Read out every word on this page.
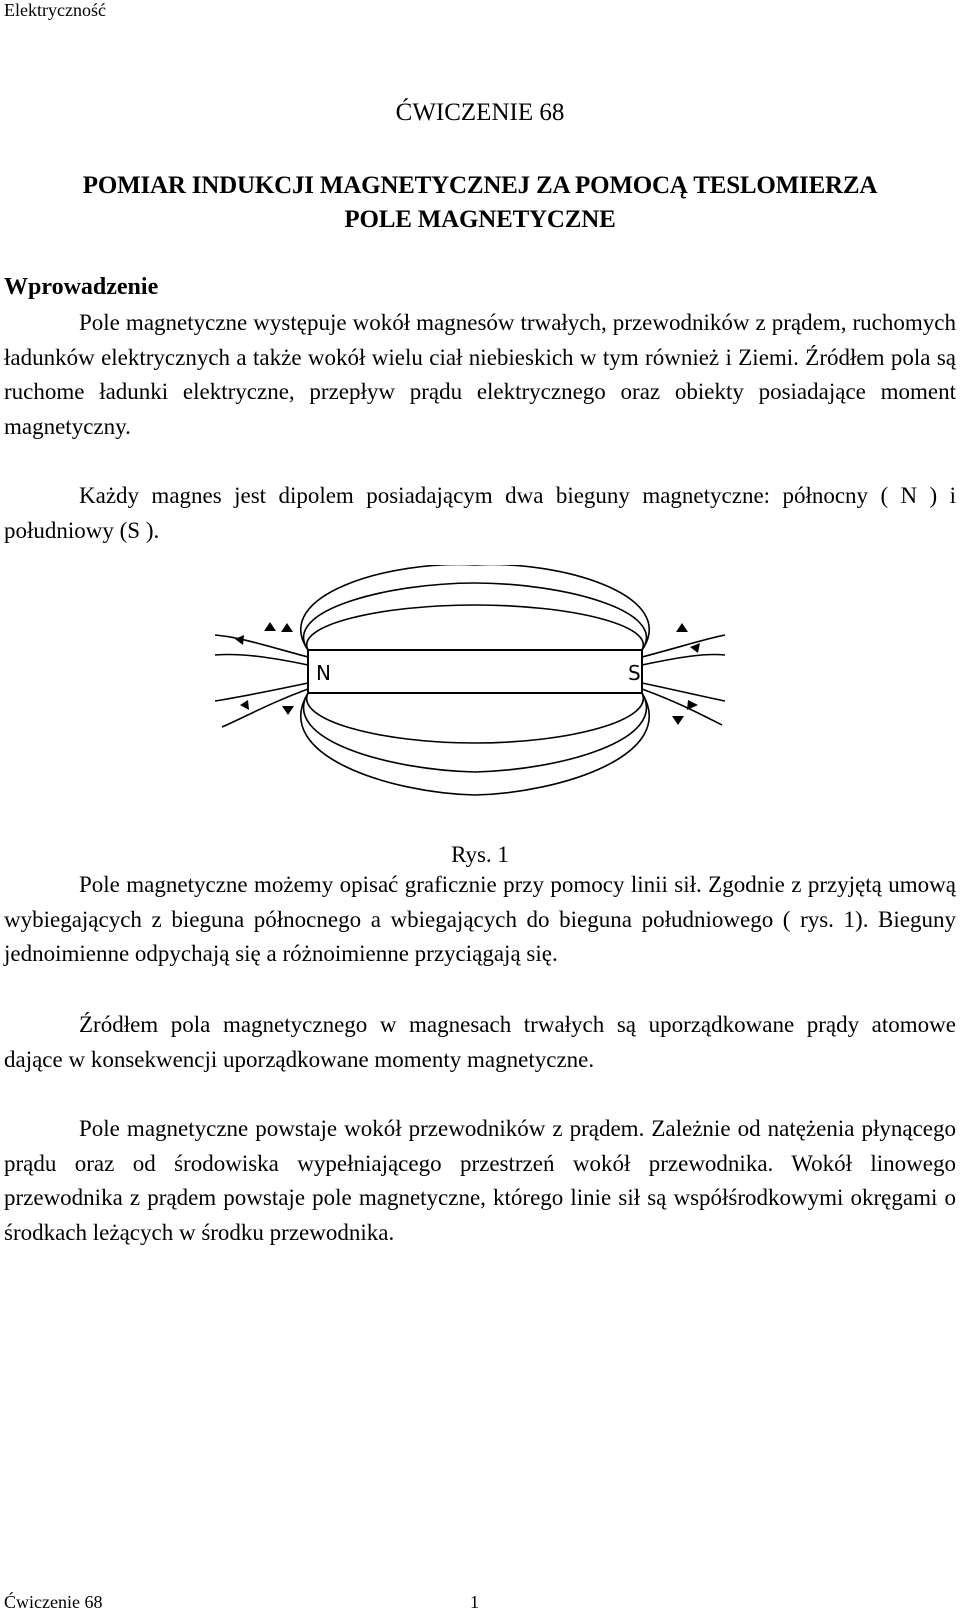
Elektryczność
ĆWICZENIE 68
POMIAR INDUKCJI MAGNETYCZNEJ ZA POMOCĄ TESLOMIERZA
POLE MAGNETYCZNE
Wprowadzenie

Pole magnetyczne występuje wokół magnesów trwałych, przewodników z prądem, ruchomych ładunków elektrycznych a także wokół wielu ciał niebieskich w tym również i Ziemi. Źródłem pola są ruchome ładunki elektryczne, przepływ prądu elektrycznego oraz obiekty posiadające moment magnetyczny.

Każdy magnes jest dipolem posiadającym dwa bieguny magnetyczne: północny ( N ) i południowy (S ).

N	S
Rys. 1

Pole magnetyczne możemy opisać graficznie przy pomocy linii sił. Zgodnie z przyjętą umową wybiegających z bieguna północnego a wbiegających do bieguna południowego ( rys. 1). Bieguny jednoimienne odpychają się a różnoimienne przyciągają się.

Źródłem pola magnetycznego w magnesach trwałych są uporządkowane prądy atomowe dające w konsekwencji uporządkowane momenty magnetyczne.

Pole magnetyczne powstaje wokół przewodników z prądem. Zależnie od natężenia płynącego prądu oraz od środowiska wypełniającego przestrzeń wokół przewodnika. Wokół linowego przewodnika z prądem powstaje pole magnetyczne, którego linie sił są współśrodkowymi okręgami o środkach leżących w środku przewodnika.

Ćwiczenie 68	1
